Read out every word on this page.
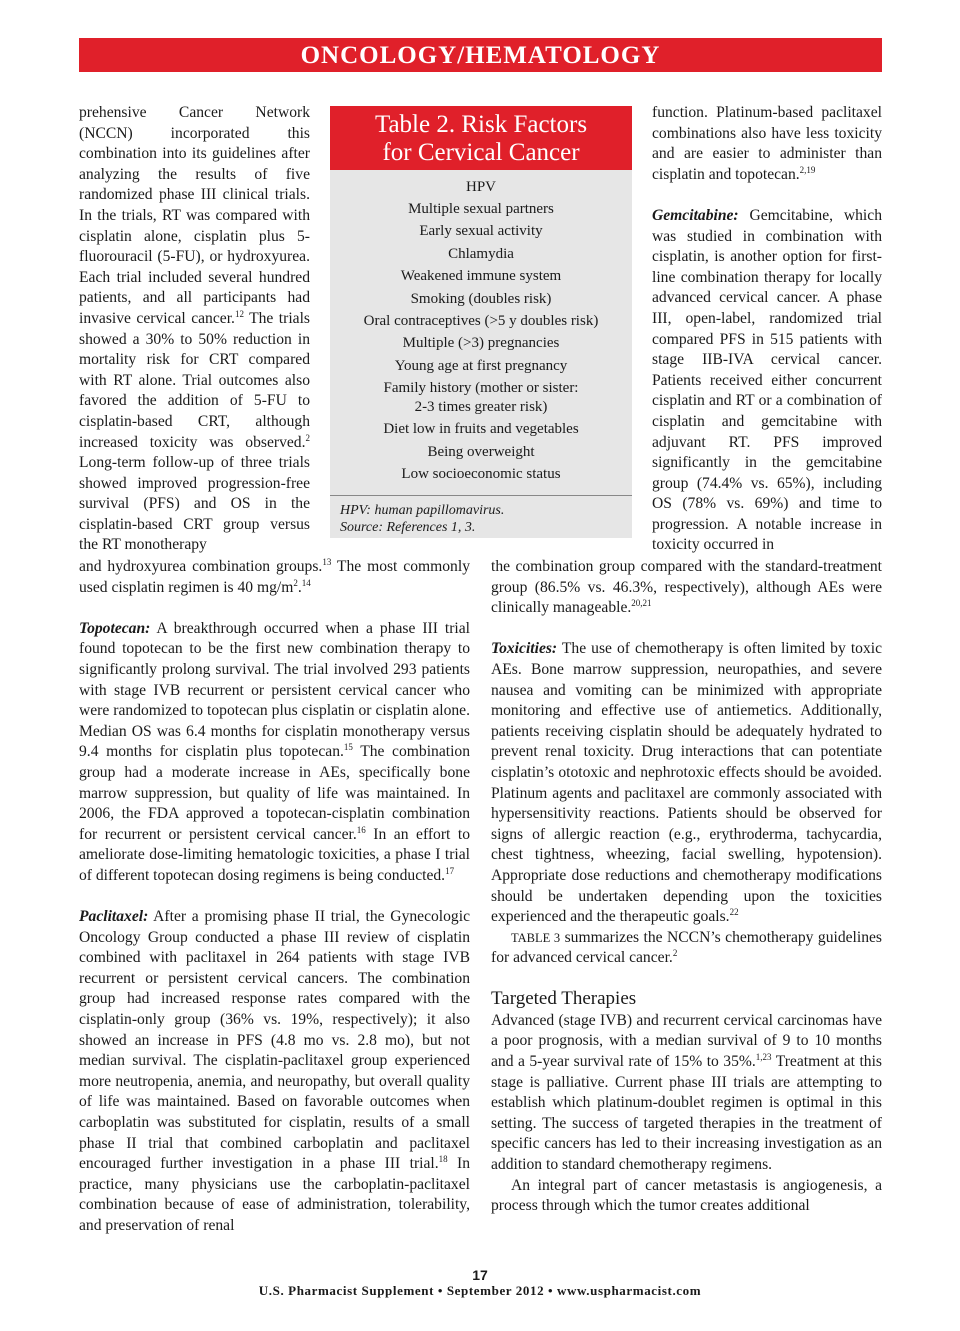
ONCOLOGY/HEMATOLOGY

prehensive Cancer Network (NCCN) incorporated this combination into its guidelines after analyzing the results of five randomized phase III clinical trials. In the trials, RT was compared with cisplatin alone, cisplatin plus 5-fluorouracil (5-FU), or hydroxyurea. Each trial included several hundred patients, and all participants had invasive cervical cancer.$^{12}$ The trials showed a 30% to 50% reduction in mortality risk for CRT compared with RT alone. Trial outcomes also favored the addition of 5-FU to cisplatin-based CRT, although increased toxicity was observed.$^2$ Long-term follow-up of three trials showed improved progression-free survival (PFS) and OS in the cisplatin-based CRT group versus the RT monotherapy

Table 2. Risk Factors
for Cervical Cancer
HPV
Multiple sexual partners
Early sexual activity
Chlamydia
Weakened immune system
Smoking (doubles risk)
Oral contraceptives (>5 y doubles risk)
Multiple (>3) pregnancies
Young age at first pregnancy
Family history (mother or sister:
2-3 times greater risk)
Diet low in fruits and vegetables
Being overweight
Low socioeconomic status
HPV: human papillomavirus.
Source: References 1, 3.

function. Platinum-based paclitaxel combinations also have less toxicity and are easier to administer than cisplatin and topotecan.$^{2,19}$

Gemcitabine: Gemcitabine, which was studied in combination with cisplatin, is another option for first-line combination therapy for locally advanced cervical cancer. A phase III, open-label, randomized trial compared PFS in 515 patients with stage IIB-IVA cervical cancer. Patients received either concurrent cisplatin and RT or a combination of cisplatin and gemcitabine with adjuvant RT. PFS improved significantly in the gemcitabine group (74.4% vs. 65%), including OS (78% vs. 69%) and time to progression. A notable increase in toxicity occurred in

and hydroxyurea combination groups.$^{13}$ The most commonly used cisplatin regimen is 40 $mg/m^2.^{14}$

Topotecan: A breakthrough occurred when a phase III trial found topotecan to be the first new combination therapy to significantly prolong survival. The trial involved 293 patients with stage IVB recurrent or persistent cervical cancer who were randomized to topotecan plus cisplatin or cisplatin alone. Median OS was 6.4 months for cisplatin monotherapy versus 9.4 months for cisplatin plus topotecan.$^{15}$ The combination group had a moderate increase in AEs, specifically bone marrow suppression, but quality of life was maintained. In 2006, the FDA approved a topotecan-cisplatin combination for recurrent or persistent cervical cancer.$^{16}$ In an effort to ameliorate dose-limiting hematologic toxicities, a phase I trial of different topotecan dosing regimens is being conducted.$^{17}$

Paclitaxel: After a promising phase II trial, the Gynecologic Oncology Group conducted a phase III review of cisplatin combined with paclitaxel in 264 patients with stage IVB recurrent or persistent cervical cancers. The combination group had increased response rates compared with the cisplatin-only group (36% vs. 19%, respectively); it also showed an increase in PFS (4.8 mo vs. 2.8 mo), but not median survival. The cisplatin-paclitaxel group experienced more neutropenia, anemia, and neuropathy, but overall quality of life was maintained. Based on favorable outcomes when carboplatin was substituted for cisplatin, results of a small phase II trial that combined carboplatin and paclitaxel encouraged further investigation in a phase III trial.$^{18}$ In practice, many physicians use the carboplatin-paclitaxel combination because of ease of administration, tolerability, and preservation of renal

the combination group compared with the standard-treatment group (86.5% vs. 46.3%, respectively), although AEs were clinically manageable.$^{20,21}$

Toxicities: The use of chemotherapy is often limited by toxic AEs. Bone marrow suppression, neuropathies, and severe nausea and vomiting can be minimized with appropriate monitoring and effective use of antiemetics. Additionally, patients receiving cisplatin should be adequately hydrated to prevent renal toxicity. Drug interactions that can potentiate cisplatin’s ototoxic and nephrotoxic effects should be avoided. Platinum agents and paclitaxel are commonly associated with hypersensitivity reactions. Patients should be observed for signs of allergic reaction (e.g., erythroderma, tachycardia, chest tightness, wheezing, facial swelling, hypotension). Appropriate dose reductions and chemotherapy modifications should be undertaken depending upon the toxicities experienced and the therapeutic goals.$^{22}$

TABLE 3 summarizes the NCCN’s chemotherapy guidelines for advanced cervical cancer.$^2$

Targeted Therapies

Advanced (stage IVB) and recurrent cervical carcinomas have a poor prognosis, with a median survival of 9 to 10 months and a 5-year survival rate of 15% to 35%.$^{1,23}$ Treatment at this stage is palliative. Current phase III trials are attempting to establish which platinum-doublet regimen is optimal in this setting. The success of targeted therapies in the treatment of specific cancers has led to their increasing investigation as an addition to standard chemotherapy regimens.

An integral part of cancer metastasis is angiogenesis, a process through which the tumor creates additional

17
U.S. Pharmacist Supplement • September 2012 • www.uspharmacist.com
